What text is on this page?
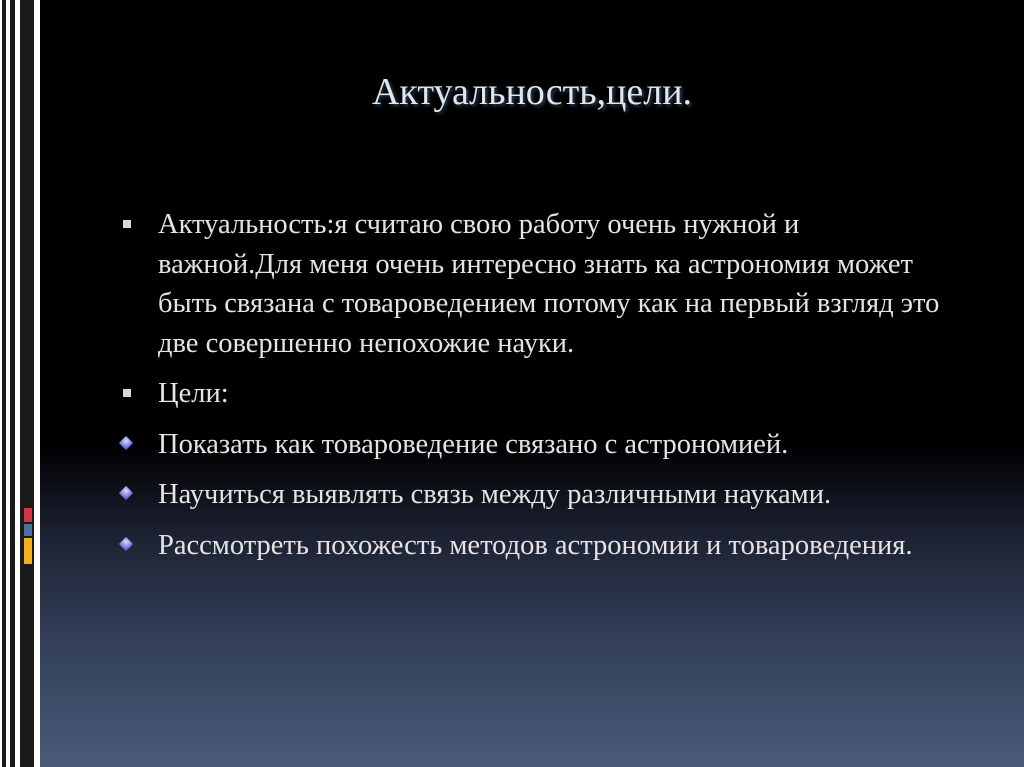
Актуальность,цели.
Актуальность:я считаю свою работу очень нужной и важной.Для меня очень интересно знать ка астрономия может быть связана с товароведением потому как на первый взгляд это две совершенно непохожие науки.
Цели:
Показать как товароведение связано с астрономией.
Научиться выявлять связь между различными науками.
Рассмотреть похожесть методов астрономии и товароведения.
